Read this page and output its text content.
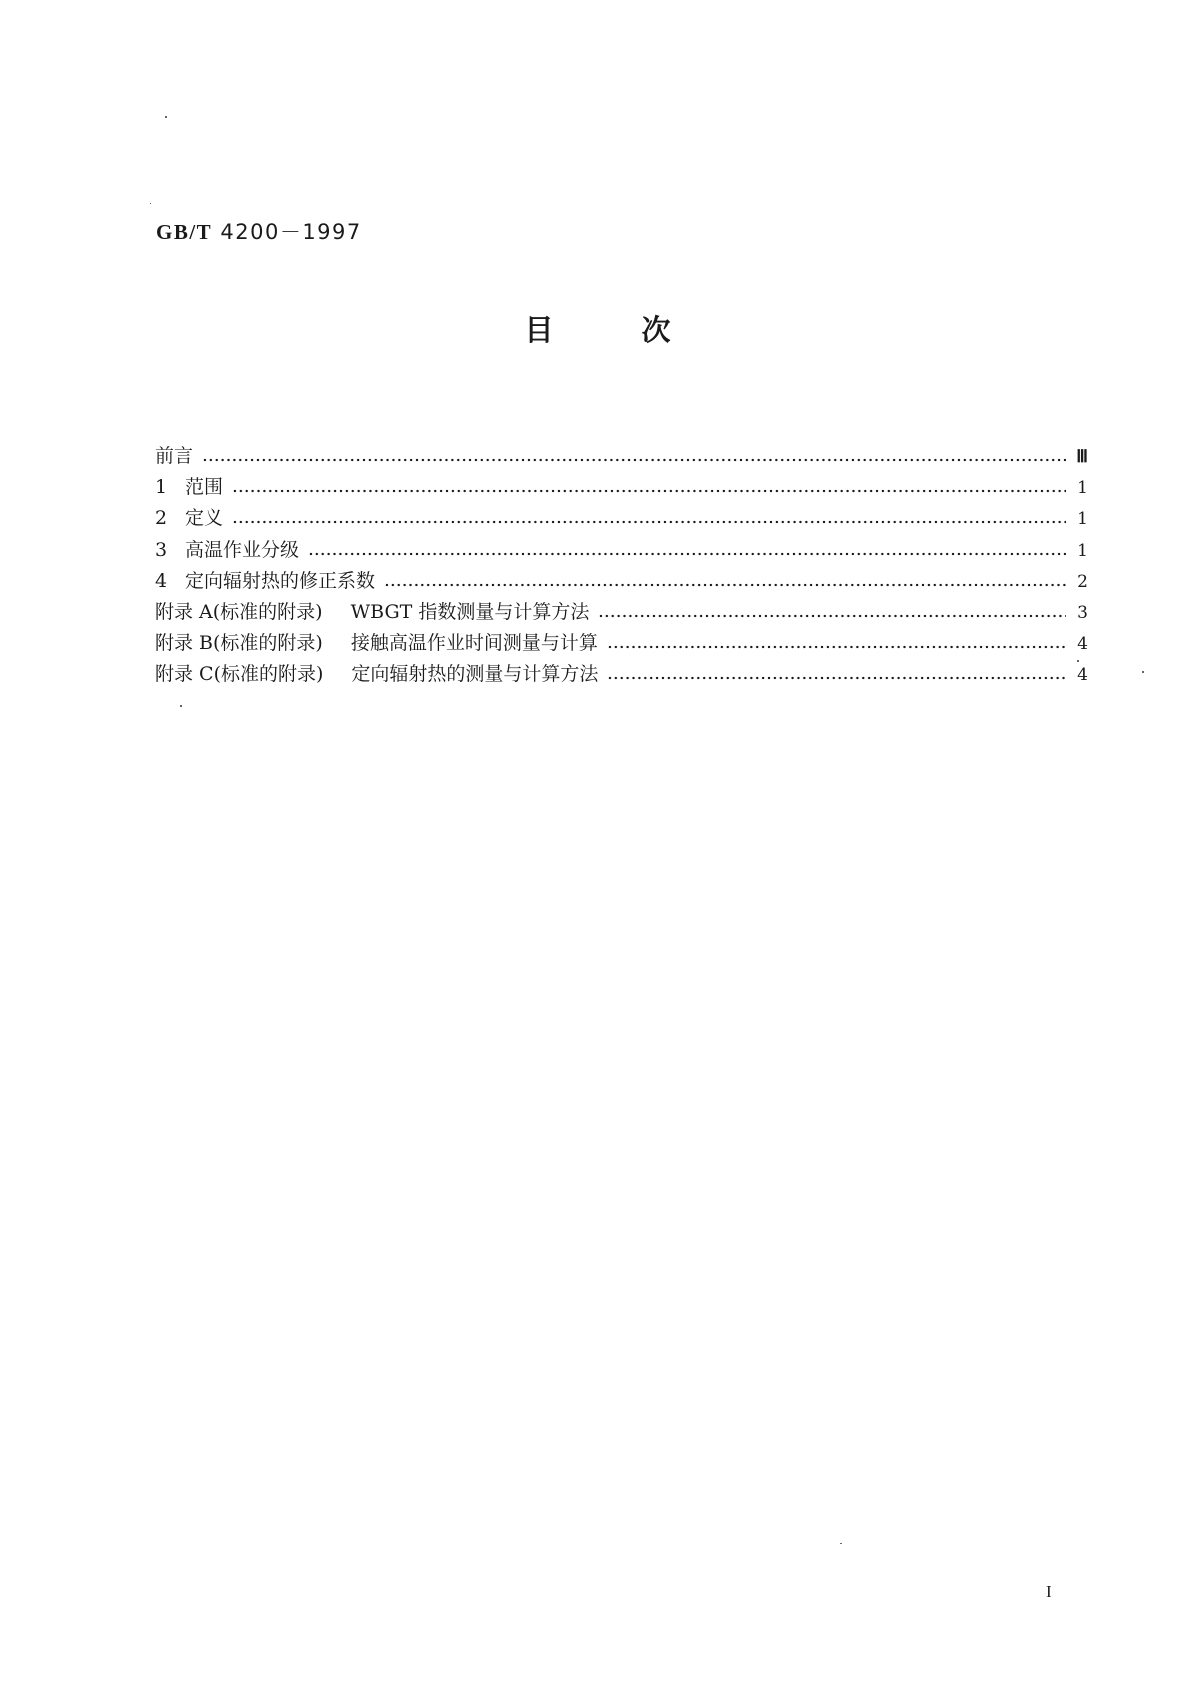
GB/T 4200－1997
目次
前言	Ⅲ
1 范围	1
2 定义	1
3 高温作业分级	1
4 定向辐射热的修正系数	2
附录 A(标准的附录) WBGT 指数测量与计算方法	3
附录 B(标准的附录) 接触高温作业时间测量与计算	4
附录 C(标准的附录) 定向辐射热的测量与计算方法	4
I
